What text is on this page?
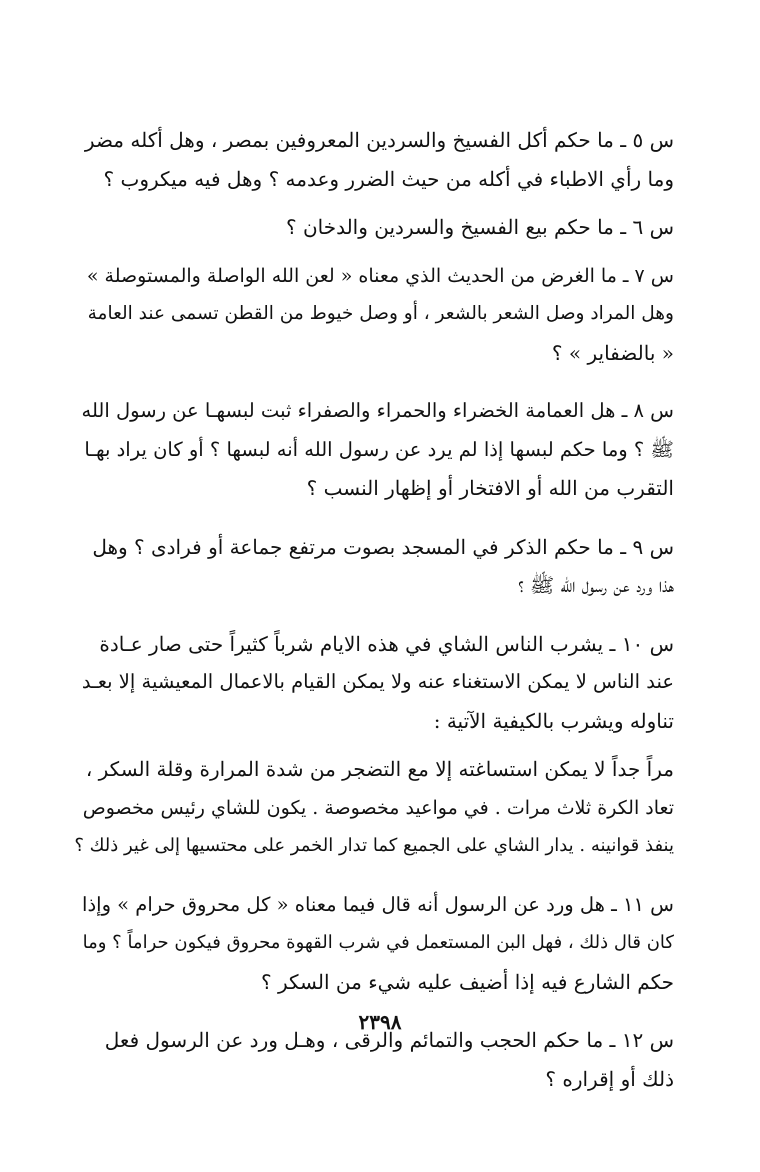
س ٥ ـ ما حكم أكل الفسيخ والسردين المعروفين بمصر ، وهل أكله مضر
وما رأي الاطباء في أكله من حيث الضرر وعدمه ؟ وهل فيه ميكروب ؟

س ٦ ـ ما حكم بيع الفسيخ والسردين والدخان ؟

س ٧ ـ ما الغرض من الحديث الذي معناه « لعن الله الواصلة والمستوصلة »
وهل المراد وصل الشعر بالشعر ، أو وصل خيوط من القطن تسمى عند العامة
« بالضفاير » ؟

س ٨ ـ هل العمامة الخضراء والحمراء والصفراء ثبت لبسهـا عن رسول الله
ﷺ ؟ وما حكم لبسها إذا لم يرد عن رسول الله أنه لبسها ؟ أو كان يراد بهـا
التقرب من الله أو الافتخار أو إظهار النسب ؟

س ٩ ـ ما حكم الذكر في المسجد بصوت مرتفع جماعة أو فرادى ؟ وهل
هذا ورد عن رسول الله ﷺ ؟

س ١٠ ـ يشرب الناس الشاي في هذه الايام شرباً كثيراً حتى صار عـادة
عند الناس لا يمكن الاستغناء عنه ولا يمكن القيام بالاعمال المعيشية إلا بعـد
تناوله ويشرب بالكيفية الآتية :

مراً جداً لا يمكن استساغته إلا مع التضجر من شدة المرارة وقلة السكر ،
تعاد الكرة ثلاث مرات . في مواعيد مخصوصة . يكون للشاي رئيس مخصوص
ينفذ قوانينه . يدار الشاي على الجميع كما تدار الخمر على محتسيها إلى غير ذلك ؟

س ١١ ـ هل ورد عن الرسول أنه قال فيما معناه « كل محروق حرام » وإذا
كان قال ذلك ، فهل البن المستعمل في شرب القهوة محروق فيكون حراماً ؟ وما
حكم الشارع فيه إذا أضيف عليه شيء من السكر ؟

س ١٢ ـ ما حكم الحجب والتمائم والرقى ، وهـل ورد عن الرسول فعل
ذلك أو إقراره ؟

٢٣٩٨
